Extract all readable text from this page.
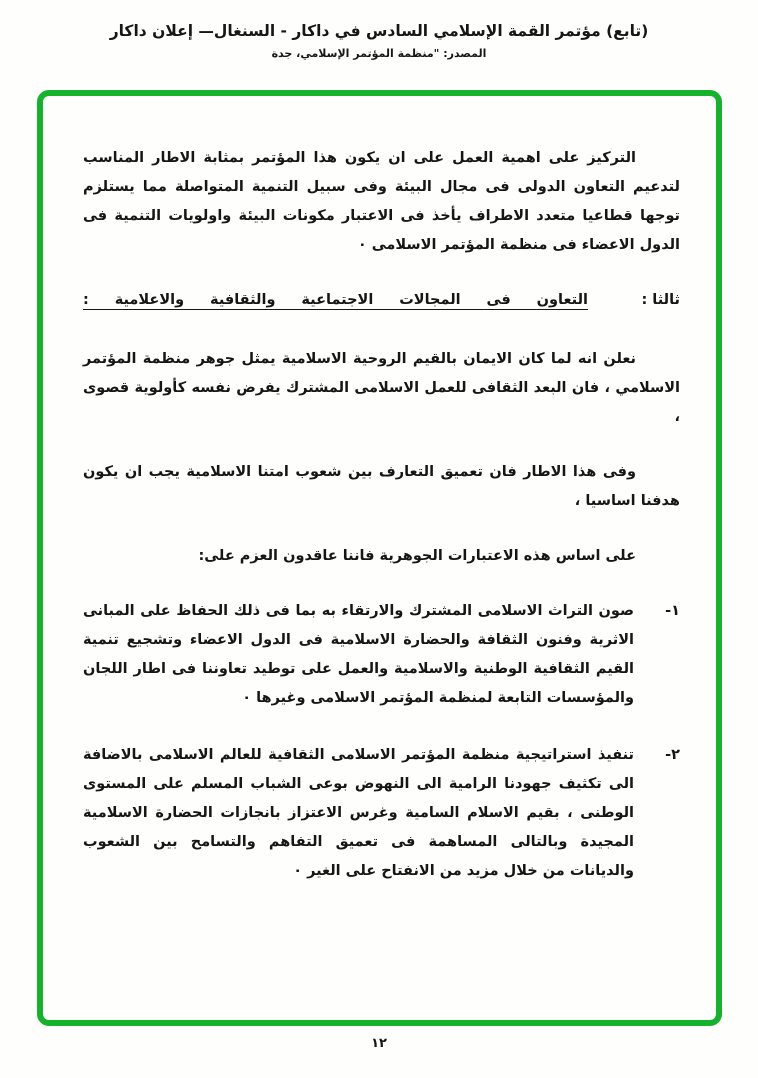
(تابع) مؤتمر القمة الإسلامي السادس في داكار - السنغال— إعلان داكار
المصدر: "منظمة المؤتمر الإسلامي، جدة

التركيز على اهمية العمل على ان يكون هذا المؤتمر بمثابة الاطار المناسب لتدعيم التعاون الدولى فى مجال البيئة وفى سبيل التنمية المتواصلة مما يستلزم توجها قطاعيا متعدد الاطراف يأخذ فى الاعتبار مكونات البيئة واولويات التنمية فى الدول الاعضاء فى منظمة المؤتمر الاسلامى ٠

ثالثا :
التعاون فى المجالات الاجتماعية والثقافية والاعلامية :

نعلن انه لما كان الايمان بالقيم الروحية الاسلامية يمثل جوهر منظمة المؤتمر الاسلامي ، فان البعد الثقافى للعمل الاسلامى المشترك يفرض نفسه كأولوية قصوى ،

وفى هذا الاطار فان تعميق التعارف بين شعوب امتنا الاسلامية يجب ان يكون هدفنا اساسيا ،

على اساس هذه الاعتبارات الجوهرية فاننا عاقدون العزم على:

١-
صون التراث الاسلامى المشترك والارتقاء به بما فى ذلك الحفاظ على المبانى الاثرية وفنون الثقافة والحضارة الاسلامية فى الدول الاعضاء وتشجيع تنمية القيم الثقافية الوطنية والاسلامية والعمل على توطيد تعاوننا فى اطار اللجان والمؤسسات التابعة لمنظمة المؤتمر الاسلامى وغيرها ٠
٢-
تنفيذ استراتيجية منظمة المؤتمر الاسلامى الثقافية للعالم الاسلامى بالاضافة الى تكثيف جهودنا الرامية الى النهوض بوعى الشباب المسلم على المستوى الوطنى ، بقيم الاسلام السامية وغرس الاعتزاز بانجازات الحضارة الاسلامية المجيدة وبالتالى المساهمة فى تعميق التفاهم والتسامح بين الشعوب والديانات من خلال مزيد من الانفتاح على الغير ٠
١٢
